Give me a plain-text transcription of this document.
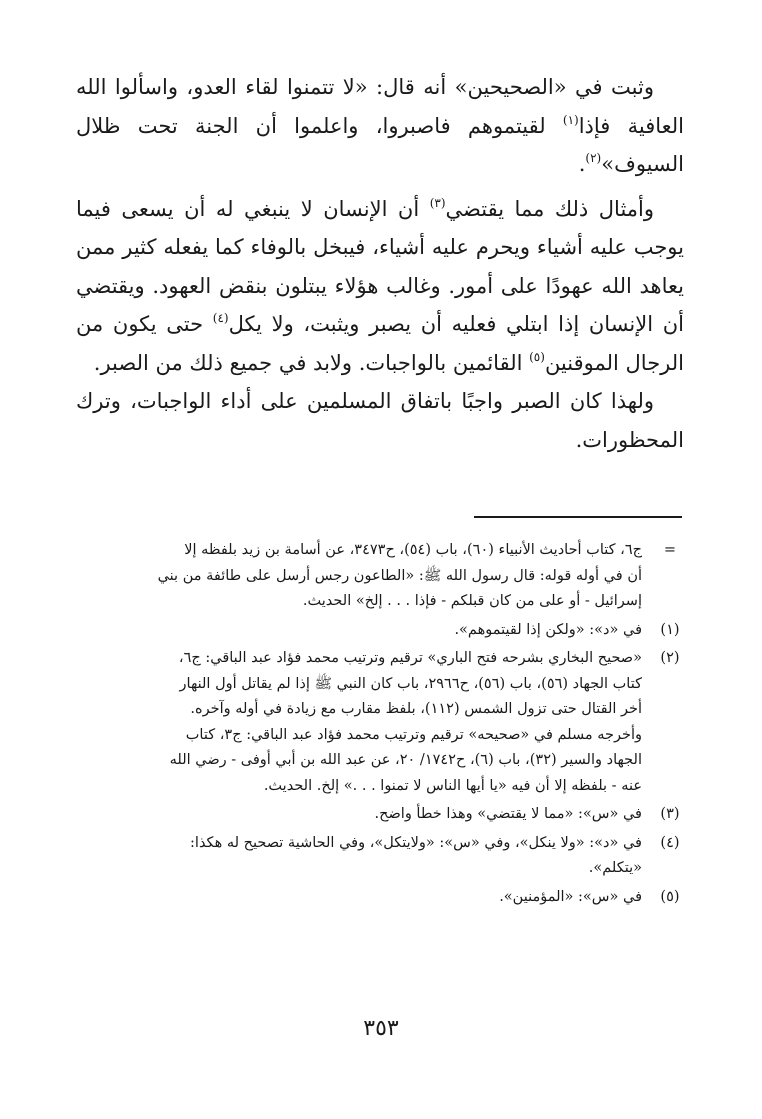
وثبت في «الصحيحين» أنه قال: «لا تتمنوا لقاء العدو، واسألوا الله العافية فإذا$^{(١)}$ لقيتموهم فاصبروا، واعلموا أن الجنة تحت ظلال السيوف»$^{(٢)}$.

وأمثال ذلك مما يقتضي$^{(٣)}$ أن الإنسان لا ينبغي له أن يسعى فيما يوجب عليه أشياء ويحرم عليه أشياء، فيبخل بالوفاء كما يفعله كثير ممن يعاهد الله عهودًا على أمور. وغالب هؤلاء يبتلون بنقض العهود. ويقتضي أن الإنسان إذا ابتلي فعليه أن يصبر ويثبت، ولا يكل$^{(٤)}$ حتى يكون من الرجال الموقنين$^{(٥)}$ القائمين بالواجبات. ولابد في جميع ذلك من الصبر.

ولهذا كان الصبر واجبًا باتفاق المسلمين على أداء الواجبات، وترك المحظورات.

=
ج٦، كتاب أحاديث الأنبياء (٦٠)، باب (٥٤)، ح٣٤٧٣، عن أسامة بن زيد بلفظه إلا
أن في أوله قوله: قال رسول الله ﷺ: «الطاعون رجس أرسل على طائفة من بني
إسرائيل - أو على من كان قبلكم - فإذا . . . إلخ» الحديث.
(١)
في «د»: «ولكن إذا لقيتموهم».
(٢)
«صحيح البخاري بشرحه فتح الباري» ترقيم وترتيب محمد فؤاد عبد الباقي: ج٦،
كتاب الجهاد (٥٦)، باب (٥٦)، ح٢٩٦٦، باب كان النبي ﷺ إذا لم يقاتل أول النهار
أخر القتال حتى تزول الشمس (١١٢)، بلفظ مقارب مع زيادة في أوله وآخره.
وأخرجه مسلم في «صحيحه» ترقيم وترتيب محمد فؤاد عبد الباقي: ج٣، كتاب
الجهاد والسير (٣٢)، باب (٦)، ح١٧٤٢/ ٢٠، عن عبد الله بن أبي أوفى - رضي الله
عنه - بلفظه إلا أن فيه «يا أيها الناس لا تمنوا . . .» إلخ. الحديث.
(٣)
في «س»: «مما لا يقتضي» وهذا خطأ واضح.
(٤)
في «د»: «ولا ينكل»، وفي «س»: «ولايتكل»، وفي الحاشية تصحيح له هكذا:
«يتكلم».
(٥)
في «س»: «المؤمنين».
٣٥٣
